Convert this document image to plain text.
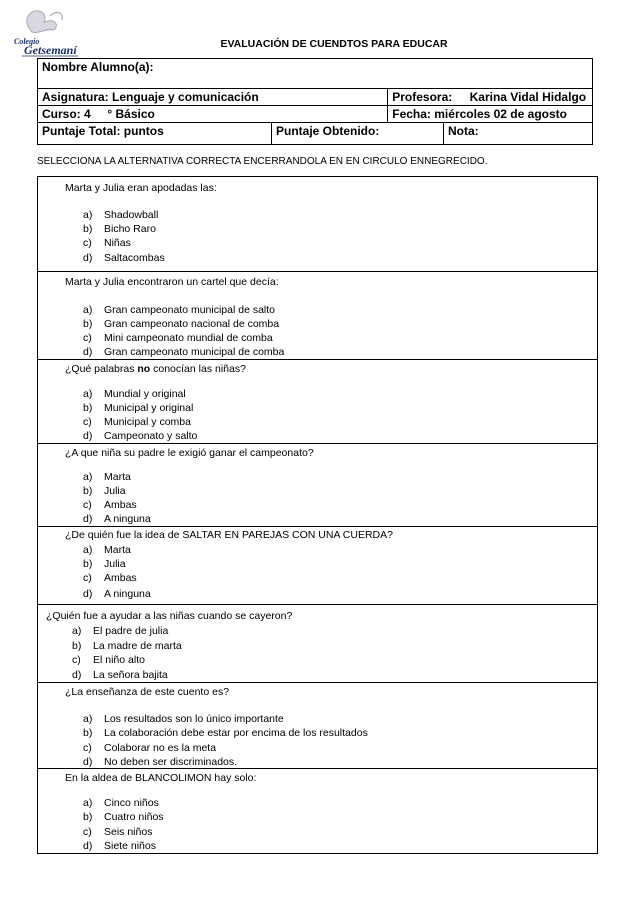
Colegio
Getsemaní	EVALUACIÓN DE CUENDTOS PARA EDUCAR
Nombre Alumno(a):			
Asignatura: Lenguaje y comunicación		Profesora: Karina Vidal Hidalgo	
Curso: 4     ° Básico		Fecha: miércoles 02 de agosto	
Puntaje Total: puntos	Puntaje Obtenido:		Nota:
SELECCIONA LA ALTERNATIVA CORRECTA ENCERRANDOLA EN EN CIRCULO ENNEGRECIDO.
Marta y Julia eran apodadas las:
a) Shadowball
b) Bicho Raro
c) Niñas
d) Saltacombas
Marta y Julia encontraron un cartel que decía:
a) Gran campeonato municipal de salto
b) Gran campeonato nacional de comba
c) Mini campeonato mundial de comba
d) Gran campeonato municipal de comba
¿Qué palabras no conocían las niñas?
a) Mundial y original
b) Municipal y original
c) Municipal y comba
d) Campeonato y salto
¿A que niña su padre le exigió ganar el campeonato?
a) Marta
b) Julia
c) Ambas
d) A ninguna
¿De quién fue la idea de SALTAR EN PAREJAS CON UNA CUERDA?
a) Marta
b) Julia
c) Ambas
d) A ninguna
¿Quién fue a ayudar a las niñas cuando se cayeron?
a) El padre de julia
b) La madre de marta
c) El niño alto
d) La señora bajita
¿La enseñanza de este cuento es?
a) Los resultados son lo único importante
b) La colaboración debe estar por encima de los resultados
c) Colaborar no es la meta
d) No deben ser discriminados.
En la aldea de BLANCOLIMON hay solo:
a) Cinco niños
b) Cuatro niños
c) Seis niños
d) Siete niños
